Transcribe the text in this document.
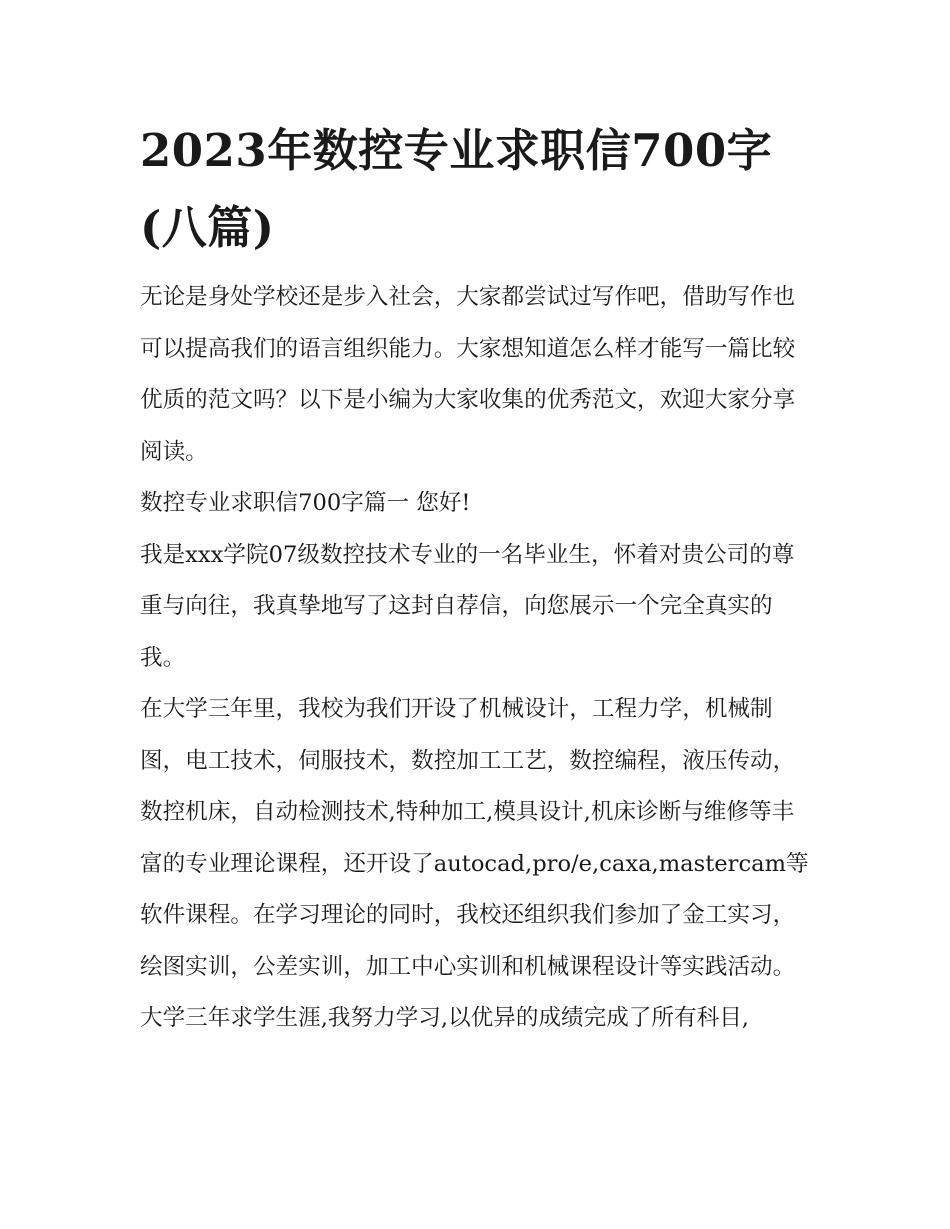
2023年数控专业求职信700字(八篇)

无论是身处学校还是步入社会，大家都尝试过写作吧，借助写作也可以提高我们的语言组织能力。大家想知道怎么样才能写一篇比较优质的范文吗？以下是小编为大家收集的优秀范文，欢迎大家分享阅读。

数控专业求职信700字篇一 您好!

我是xxx学院07级数控技术专业的一名毕业生，怀着对贵公司的尊重与向往，我真挚地写了这封自荐信，向您展示一个完全真实的我。

在大学三年里，我校为我们开设了机械设计，工程力学，机械制图，电工技术，伺服技术，数控加工工艺，数控编程，液压传动，数控机床，自动检测技术,特种加工,模具设计,机床诊断与维修等丰富的专业理论课程，还开设了autocad,pro/e,caxa,mastercam等软件课程。在学习理论的同时，我校还组织我们参加了金工实习，绘图实训，公差实训，加工中心实训和机械课程设计等实践活动。

大学三年求学生涯,我努力学习,以优异的成绩完成了所有科目,
